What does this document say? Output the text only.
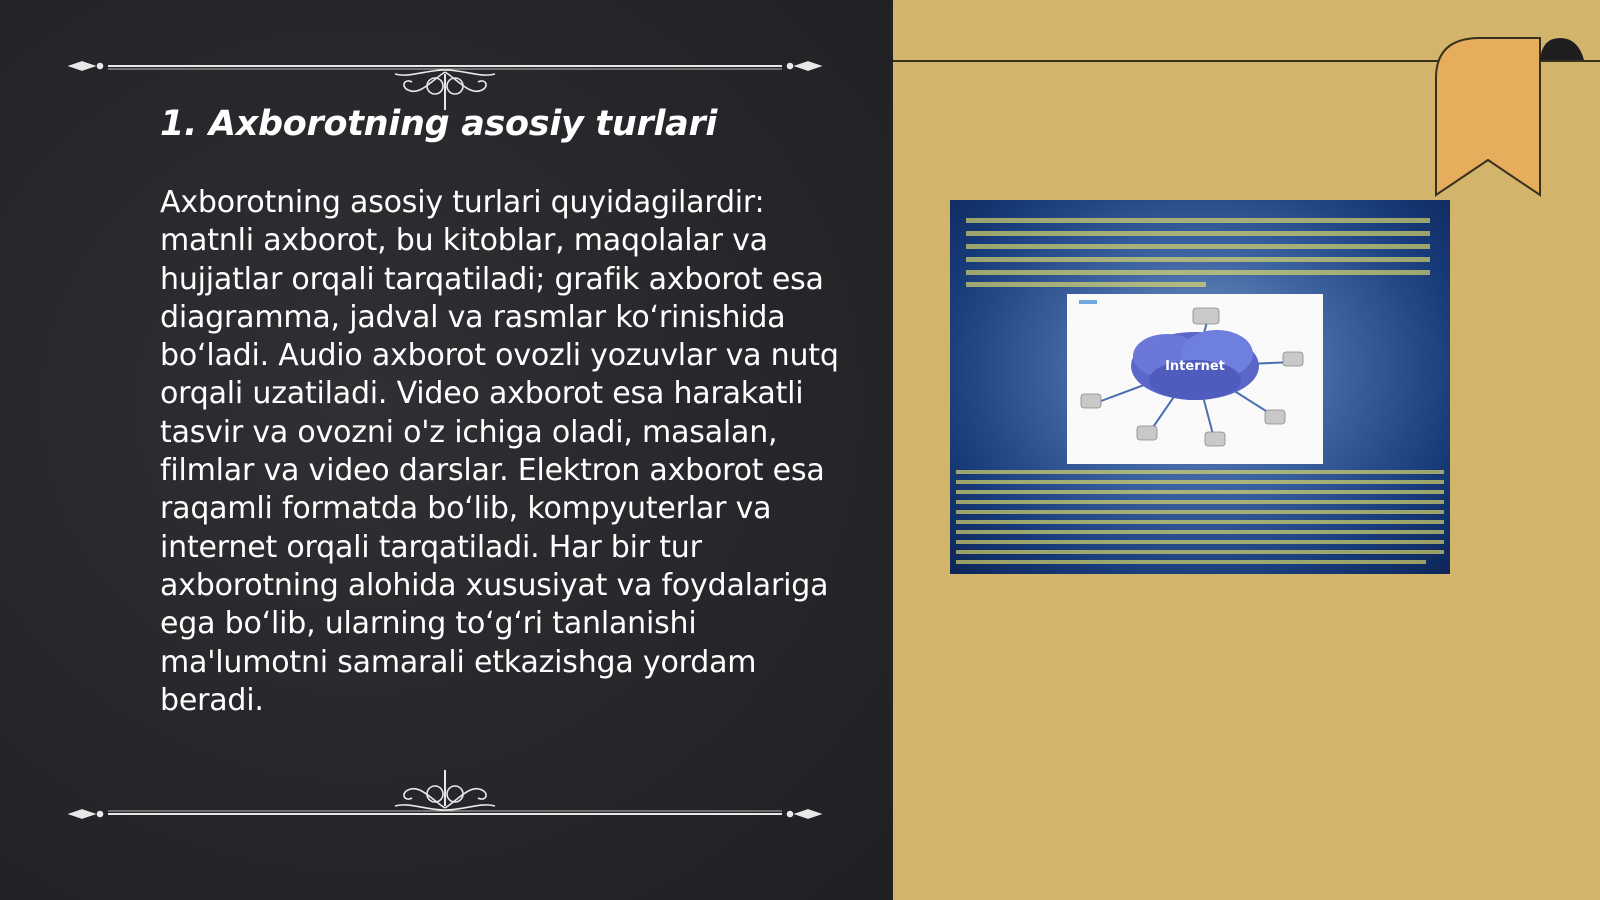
1. Axborotning asosiy turlari

Axborotning asosiy turlari quyidagilardir: matnli axborot, bu kitoblar, maqolalar va hujjatlar orqali tarqatiladi; grafik axborot esa diagramma, jadval va rasmlar ko‘rinishida bo‘ladi. Audio axborot ovozli yozuvlar va nutq orqali uzatiladi. Video axborot esa harakatli tasvir va ovozni o'z ichiga oladi, masalan, filmlar va video darslar. Elektron axborot esa raqamli formatda bo‘lib, kompyuterlar va internet orqali tarqatiladi. Har bir tur axborotning alohida xususiyat va foydalariga ega bo‘lib, ularning to‘g‘ri tanlanishi ma'lumotni samarali etkazishga yordam beradi.

Internet
